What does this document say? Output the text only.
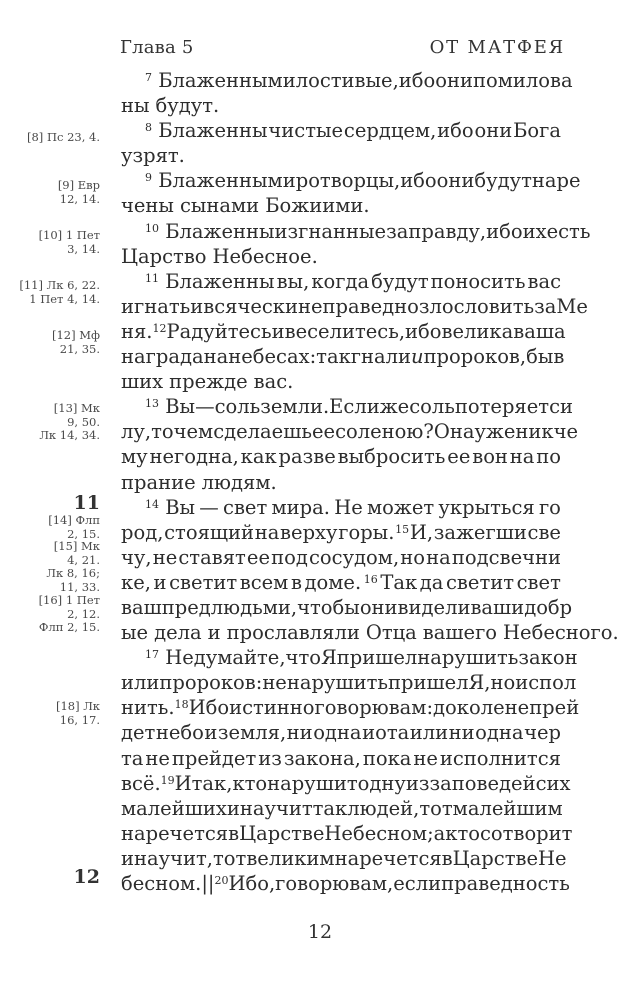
Глава 5	ОТ МАТФЕЯ
[8] Пс 23, 4.
[9] Евр
12, 14.
[10] 1 Пет
3, 14.
[11] Лк 6, 22.
1 Пет 4, 14.
[12] Мф
21, 35.
[13] Мк
9, 50.
Лк 14, 34.
11
[14] Флп
2, 15.
[15] Мк
4, 21.
Лк 8, 16;
11, 33.
[16] 1 Пет
2, 12.
Флп 2, 15.
[18] Лк
16, 17.
12
$^7$ Блаженны милостивые, ибо они помилова
ны будут.
$^8$ Блаженны чистые сердцем, ибо они Бога
узрят.
$^9$ Блаженны миротворцы, ибо они будут наре
чены сынами Божиими.
$^{10}$ Блаженны изгнанные за правду, ибо их есть
Царство Небесное.
$^{11}$ Блаженны вы, когда будут поносить вас
и гнать и всячески неправедно злословить за Ме
ня. $^{12}$ Радуйтесь и веселитесь, ибо велика ваша
награда на небесах: так гнали и пророков, быв
ших прежде вас.
$^{13}$ Вы — соль земли. Если же соль потеряет си
лу, то чем сделаешь ее соленою? Она уже ни к че
му негодна, как разве выбросить ее вон на по
прание людям.
$^{14}$ Вы — свет мира. Не может укрыться го
род, стоящий на верху горы. $^{15}$ И, зажегши све
чу, не ставят ее под сосудом, но на подсвечни
ке, и светит всем в доме. $^{16}$ Так да светит свет
ваш пред людьми, чтобы они видели ваши добр
ые дела и прославляли Отца вашего Небесного.
$^{17}$ Не думайте, что Я пришел нарушить закон
или пророков: не нарушить пришел Я, но испол
нить. $^{18}$ Ибо истинно говорю вам: доколе не прей
дет небо и земля, ни одна иота или ни одна чер
та не прейдет из закона, пока не исполнится
всё. $^{19}$ Итак, кто нарушит одну из заповедей сих
малейших и научит так людей, тот малейшим
наречется в Царстве Небесном; а кто сотворит
и научит, тот великим наречется в Царстве Не
бесном. || $^{20}$ Ибо, говорю вам, если праведность
12
